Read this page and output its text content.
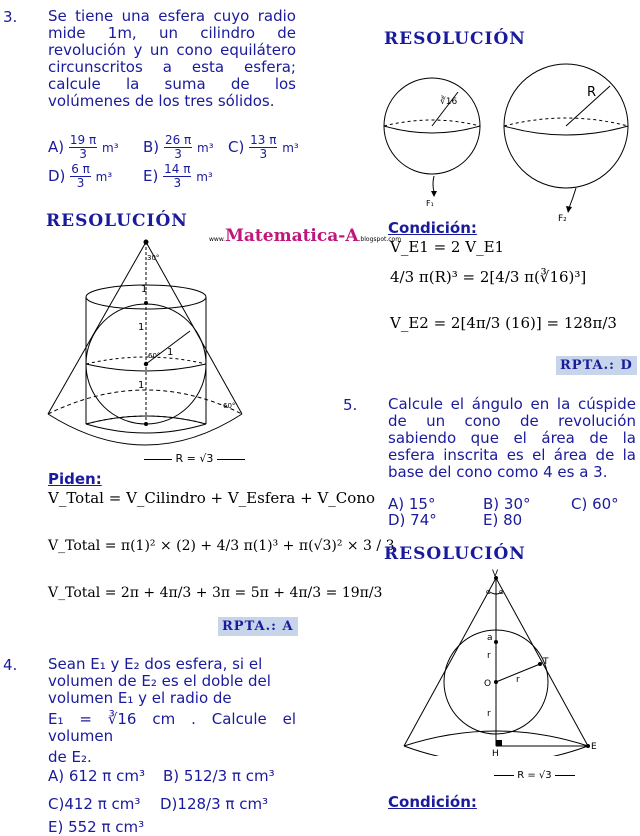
3. Se tiene una esfera cuyo radio mide 1m, un cilindro de revolución y un cono equilátero circunscritos a esta esfera; calcule la suma de los volúmenes de los tres sólidos.
$A) \frac{19 \pi}{3} m^3$ $B) \frac{26 \pi}{3} m^3$ $C) \frac{13 \pi}{3} m^3$
$D) \frac{6 \pi}{3} m^3$ $E) \frac{14 \pi}{3} m^3$
RESOLUCIÓN
www.Matematica-A.blogspot.com
30°
1
1
1
1
60°
60°
R = √3
Piden:
V_Total = V_Cilindro + V_Esfera + V_Cono
V_Total = π(1)² × (2) + 4/3 π(1)³ + π(√3)² × 3 / 3
V_Total = 2π + 4π/3 + 3π = 5π + 4π/3 = 19π/3
RPTA.: A
4. Sean E₁ y E₂ dos esfera, si el
volumen de E₂ es el doble del
volumen E₁ y el radio de
E₁ = ∛16 cm . Calcule el volumen
de E₂.
A) 612 π cm³ B) 512/3 π cm³
C)412 π cm³ D)128/3 π cm³
E) 552 π cm³
RESOLUCIÓN
∛16
R
F₁
F₂
Condición:
V_E1 = 2 V_E1
4/3 π(R)³ = 2[4/3 π(∛16)³]
V_E2 = 2[4π/3 (16)] = 128π/3
RPTA.: D
5. Calcule el ángulo en la cúspide de un cono de revolución sabiendo que el área de la esfera inscrita es el área de la base del cono como 4 es a 3.
A) 15°	B) 30°	C) 60°
D) 74°	E) 80
RESOLUCIÓN
V
α α
a
r
T
O	r
r
H
E
R = √3
Condición:
